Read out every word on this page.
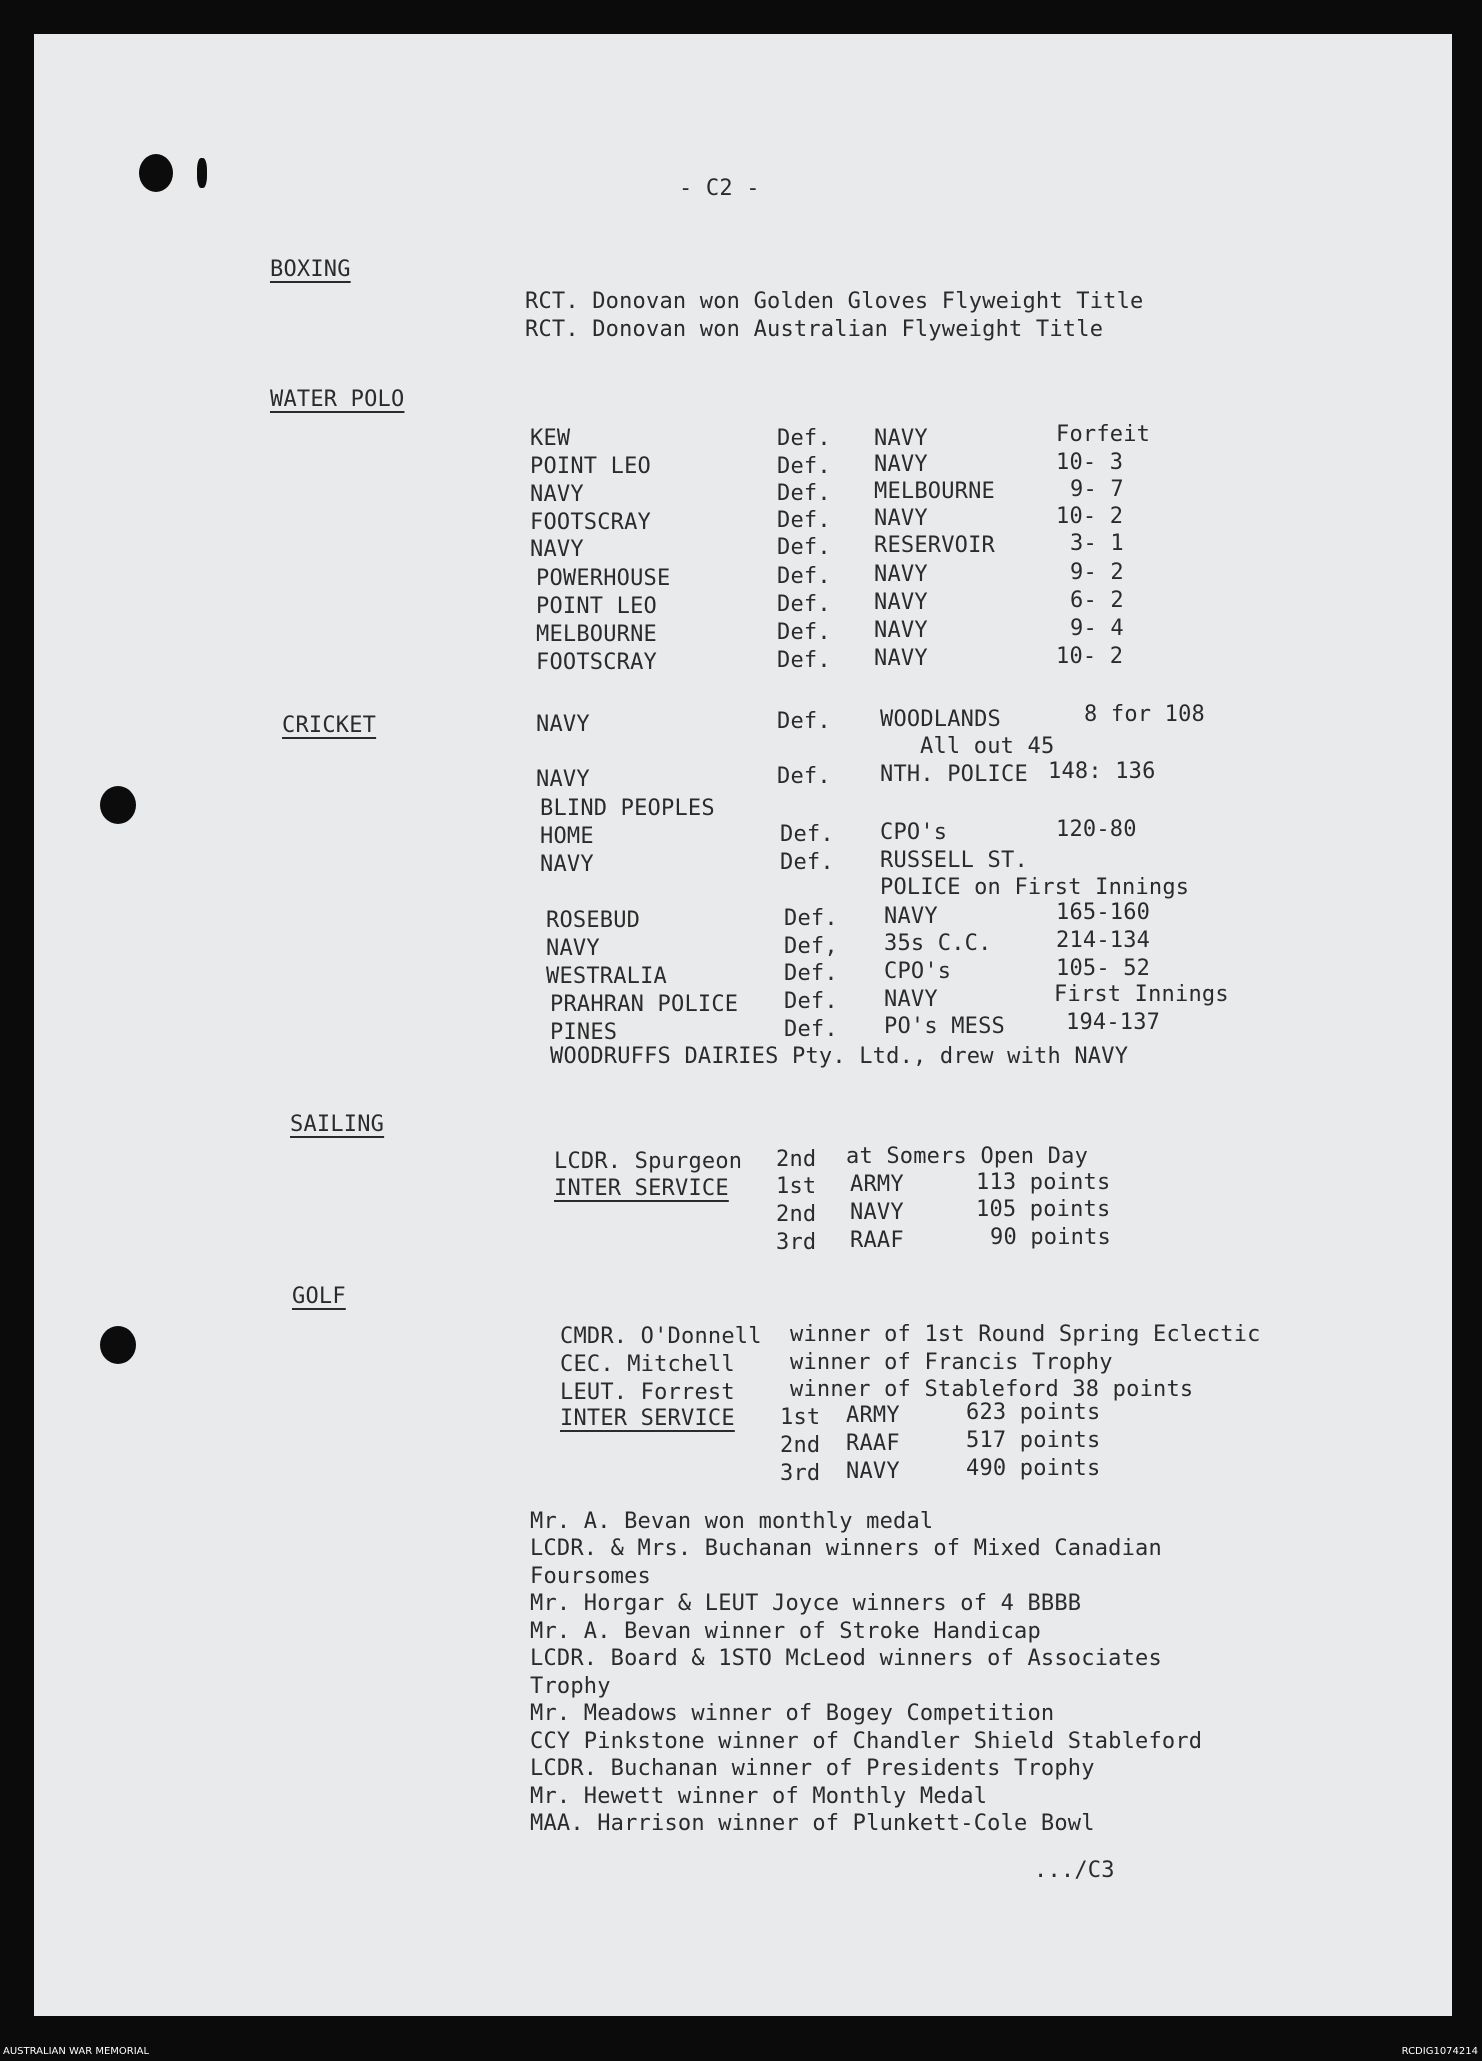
- C2 -
BOXING
RCT. Donovan won Golden Gloves Flyweight Title
RCT. Donovan won Australian Flyweight Title
WATER POLO
KEW	Def. NAVY	Forfeit
POINT LEO	Def. NAVY	10- 3
NAVY	Def. MELBOURNE	9- 7
FOOTSCRAY	Def. NAVY	10- 2
NAVY	Def. RESERVOIR	3- 1
POWERHOUSE	Def. NAVY	9- 2
POINT LEO	Def. NAVY	6- 2
MELBOURNE	Def. NAVY	9- 4
FOOTSCRAY	Def. NAVY	10- 2
CRICKET	NAVY	Def. WOODLANDS	8 for 108
All out 45
NAVY	Def. NTH. POLICE 148: 136
BLIND PEOPLES
HOME	Def. CPO's	120-80
NAVY	Def. RUSSELL ST.
POLICE on First Innings
ROSEBUD	Def. NAVY	165-160
NAVY	Def, 35s C.C.	214-134
WESTRALIA	Def. CPO's	105- 52
PRAHRAN POLICE Def. NAVY	First Innings
PINES	Def. PO's MESS	194-137
WOODRUFFS DAIRIES Pty. Ltd., drew with NAVY
SAILING
LCDR. Spurgeon 2nd at Somers Open Day
INTER SERVICE 1st ARMY	113 points
2nd NAVY	105 points
3rd RAAF	90 points
GOLF
CMDR. O'Donnell winner of 1st Round Spring Eclectic
CEC. Mitchell	winner of Francis Trophy
LEUT. Forrest	winner of Stableford 38 points
INTER SERVICE 1st ARMY	623 points
2nd RAAF	517 points
3rd NAVY	490 points
Mr. A. Bevan won monthly medal
LCDR. & Mrs. Buchanan winners of Mixed Canadian
Foursomes
Mr. Horgar & LEUT Joyce winners of 4 BBBB
Mr. A. Bevan winner of Stroke Handicap
LCDR. Board & 1STO McLeod winners of Associates
Trophy
Mr. Meadows winner of Bogey Competition
CCY Pinkstone winner of Chandler Shield Stableford
LCDR. Buchanan winner of Presidents Trophy
Mr. Hewett winner of Monthly Medal
MAA. Harrison winner of Plunkett-Cole Bowl
.../C3
AUSTRALIAN WAR MEMORIAL	RCDIG1074214
